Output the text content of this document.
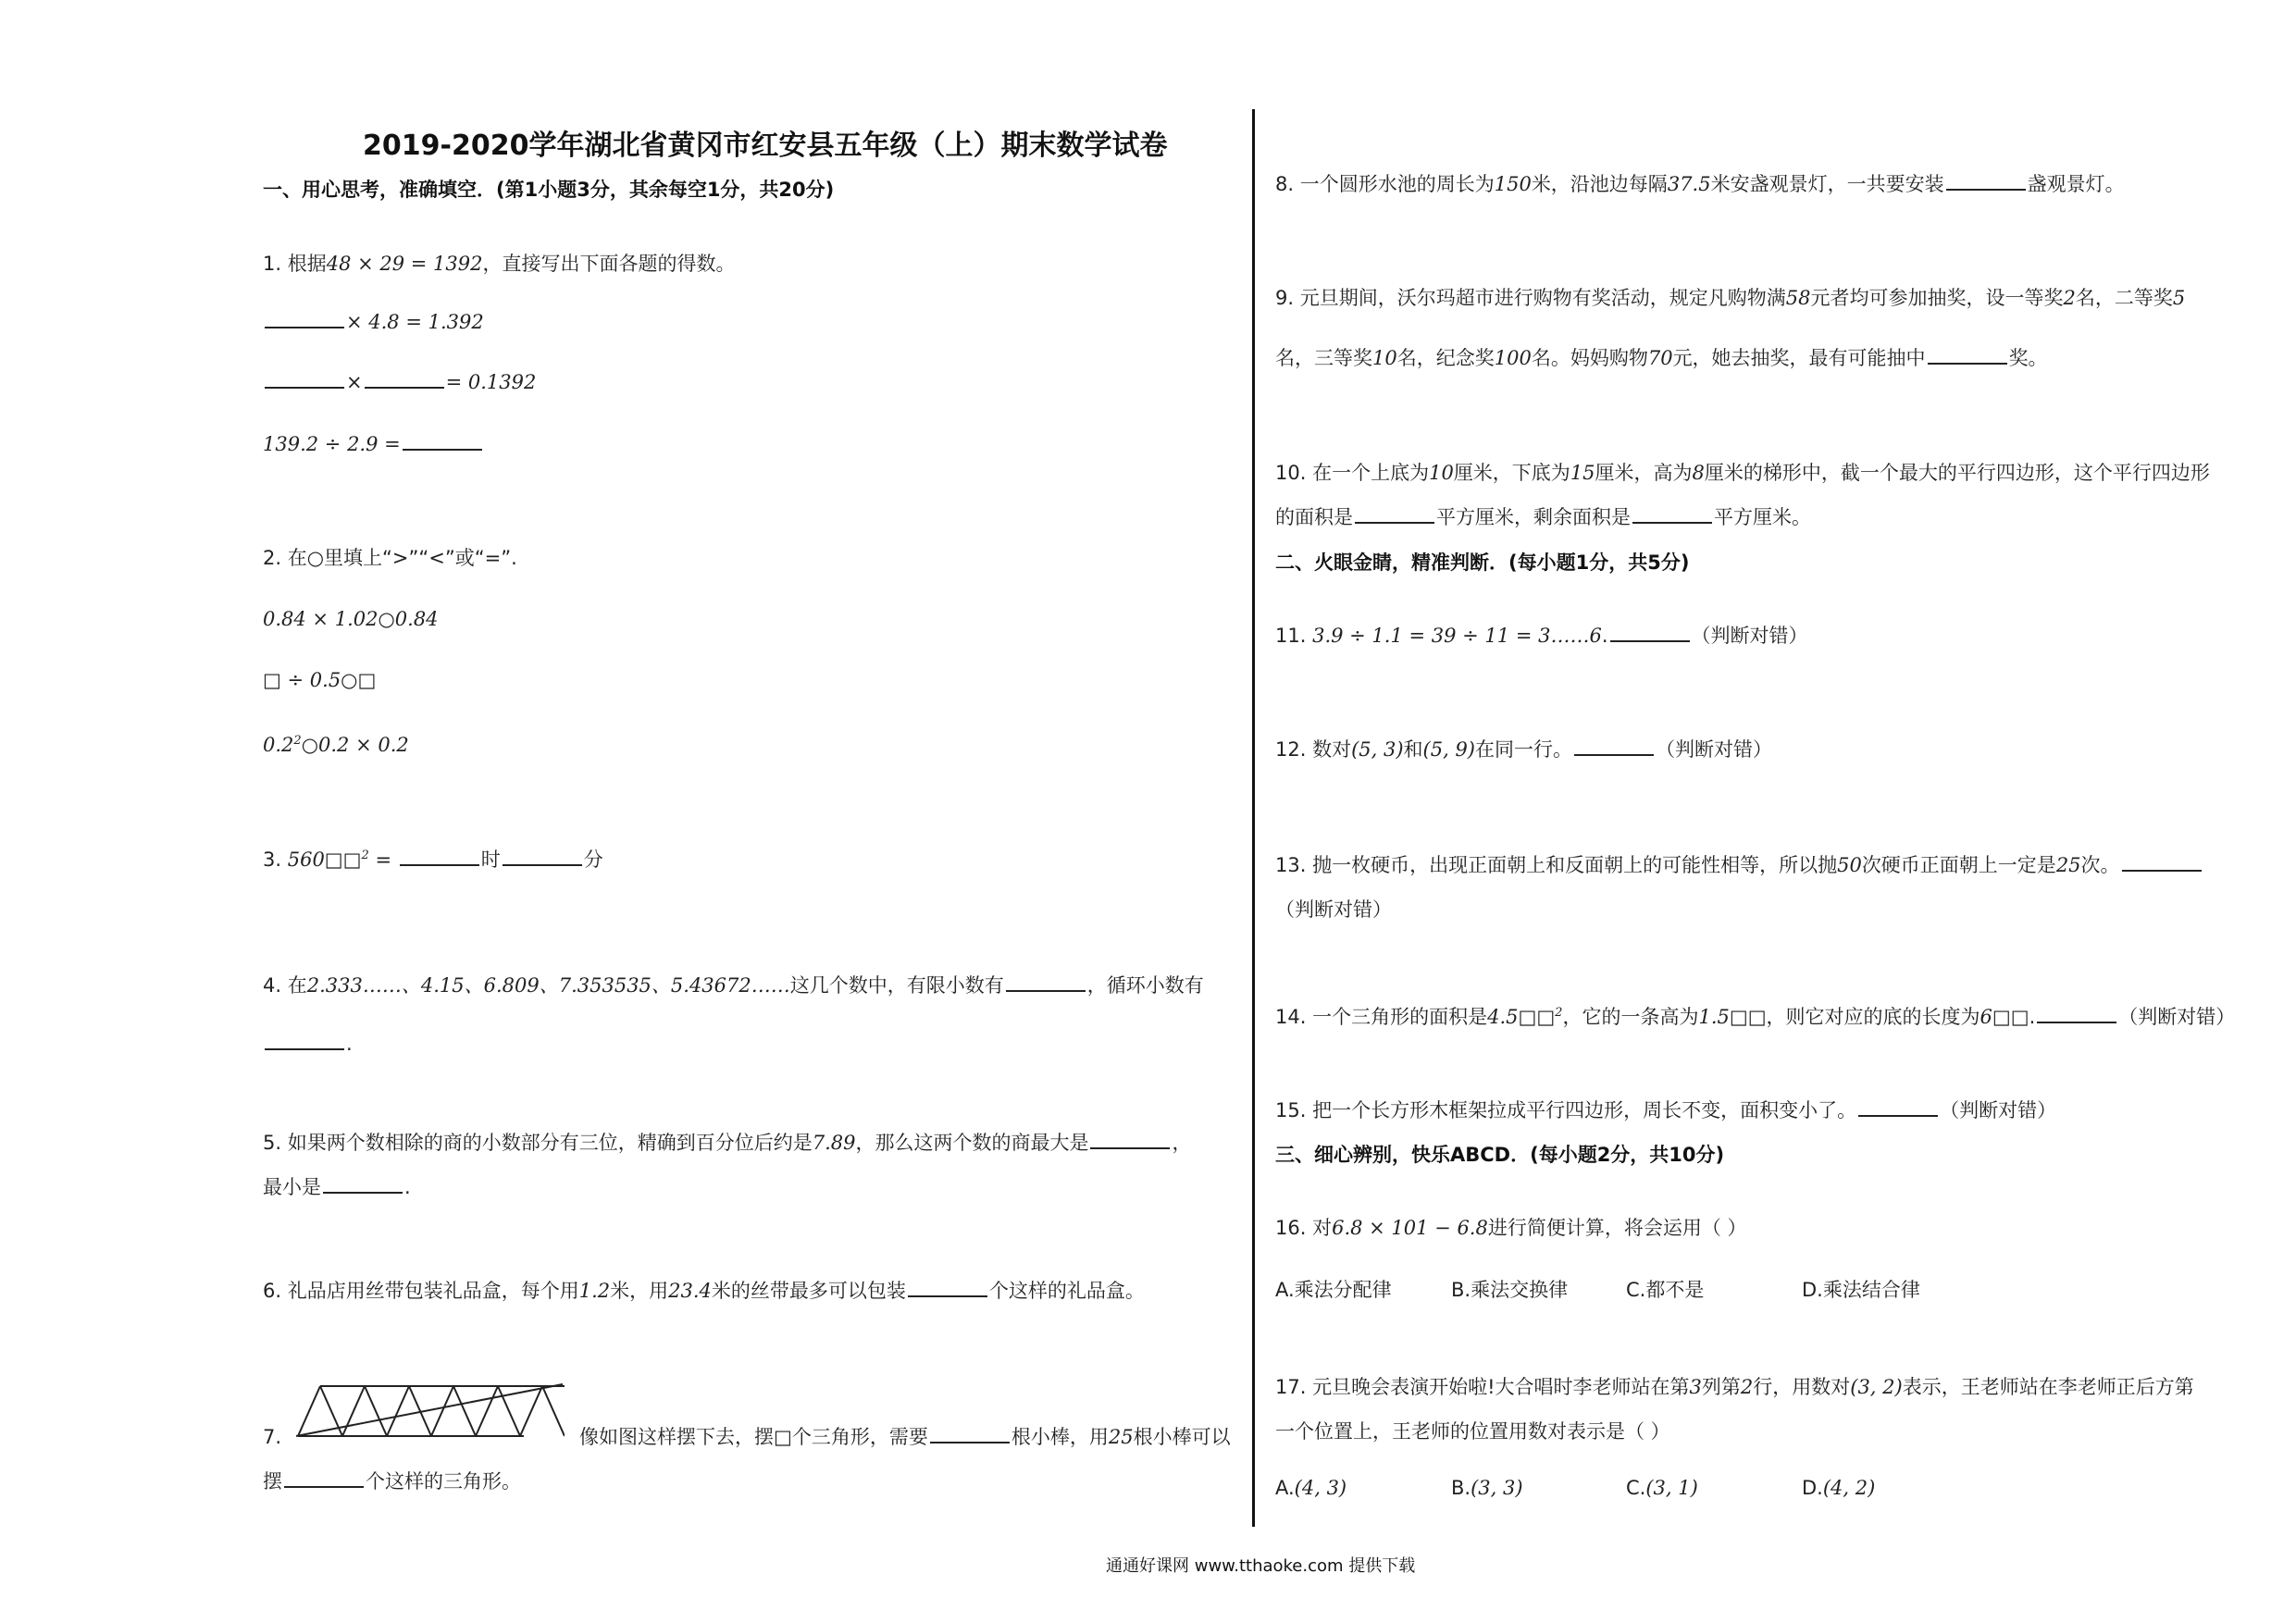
2019-2020学年湖北省黄冈市红安县五年级（上）期末数学试卷
一、用心思考，准确填空．(第1小题3分，其余每空1分，共20分)
1. 根据48 × 29 = 1392，直接写出下面各题的得数。
× 4.8 = 1.392
×	= 0.1392
139.2 ÷ 2.9 =
2. 在○里填上“>”“<”或“=”.
0.84 × 1.02○0.84
□ ÷ 0.5○□
$0.2^2○0.2 \times 0.2$
3. 560□□$^2$ =	时	分
4. 在2.333……、4.15、6.809、7.353535、5.43672……这几个数中，有限小数有	，循环小数有
.
5. 如果两个数相除的商的小数部分有三位，精确到百分位后约是7.89，那么这两个数的商最大是	，
最小是	.
6. 礼品店用丝带包装礼品盒，每个用1.2米，用23.4米的丝带最多可以包装	个这样的礼品盒。
7.	像如图这样摆下去，摆□个三角形，需要	根小棒，用25根小棒可以
摆	个这样的三角形。
8. 一个圆形水池的周长为150米，沿池边每隔37.5米安盏观景灯，一共要安装	盏观景灯。
9. 元旦期间，沃尔玛超市进行购物有奖活动，规定凡购物满58元者均可参加抽奖，设一等奖2名，二等奖5
名，三等奖10名，纪念奖100名。妈妈购物70元，她去抽奖，最有可能抽中	奖。
10. 在一个上底为10厘米，下底为15厘米，高为8厘米的梯形中，截一个最大的平行四边形，这个平行四边形
的面积是	平方厘米，剩余面积是	平方厘米。
二、火眼金睛，精准判断．(每小题1分，共5分)
11. 3.9 ÷ 1.1 = 39 ÷ 11 = 3……6.	（判断对错）
12. 数对(5, 3)和(5, 9)在同一行。	（判断对错）
13. 抛一枚硬币，出现正面朝上和反面朝上的可能性相等，所以抛50次硬币正面朝上一定是25次。
（判断对错）
14. 一个三角形的面积是4.5□□$^2$，它的一条高为1.5□□，则它对应的底的长度为6□□.	（判断对错）
15. 把一个长方形木框架拉成平行四边形，周长不变，面积变小了。	（判断对错）
三、细心辨别，快乐ABCD．(每小题2分，共10分)
16. 对6.8 × 101 − 6.8进行简便计算，将会运用（ ）
A.乘法分配律	B.乘法交换律	C.都不是	D.乘法结合律
17. 元旦晚会表演开始啦!大合唱时李老师站在第3列第2行，用数对(3, 2)表示，王老师站在李老师正后方第
一个位置上，王老师的位置用数对表示是（ ）
A.(4, 3)	B.(3, 3)	C.(3, 1)	D.(4, 2)
通通好课网 www.tthaoke.com 提供下载
